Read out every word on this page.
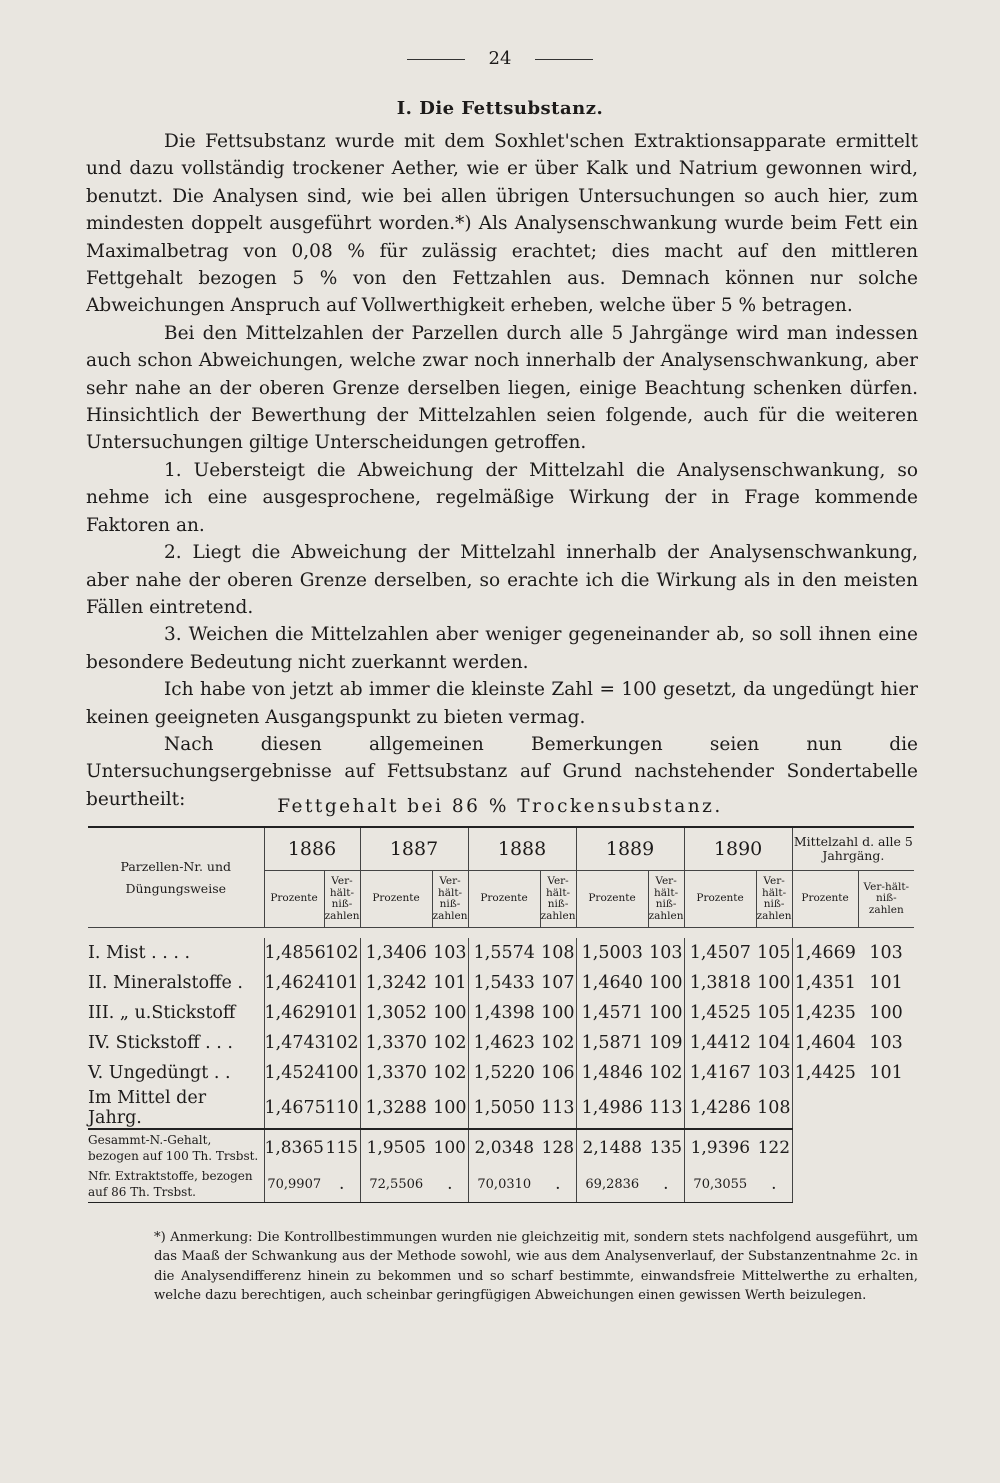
24
I. Die Fettsubstanz.

Die Fettsubstanz wurde mit dem Soxhlet'schen Extraktionsapparate ermittelt und dazu vollständig trockener Aether, wie er über Kalk und Natrium gewonnen wird, benutzt. Die Analysen sind, wie bei allen übrigen Untersuchungen so auch hier, zum mindesten doppelt ausgeführt worden.*) Als Analysenschwankung wurde beim Fett ein Maximalbetrag von 0,08 % für zulässig erachtet; dies macht auf den mittleren Fettgehalt bezogen 5 % von den Fettzahlen aus. Demnach können nur solche Abweichungen Anspruch auf Vollwerthigkeit erheben, welche über 5 % betragen.

Bei den Mittelzahlen der Parzellen durch alle 5 Jahrgänge wird man indessen auch schon Abweichungen, welche zwar noch innerhalb der Analysenschwankung, aber sehr nahe an der oberen Grenze derselben liegen, einige Beachtung schenken dürfen. Hinsichtlich der Bewerthung der Mittelzahlen seien folgende, auch für die weiteren Untersuchungen giltige Unterscheidungen getroffen.

1. Uebersteigt die Abweichung der Mittelzahl die Analysenschwankung, so nehme ich eine ausgesprochene, regelmäßige Wirkung der in Frage kommende Faktoren an.

2. Liegt die Abweichung der Mittelzahl innerhalb der Analysenschwankung, aber nahe der oberen Grenze derselben, so erachte ich die Wirkung als in den meisten Fällen eintretend.

3. Weichen die Mittelzahlen aber weniger gegeneinander ab, so soll ihnen eine besondere Bedeutung nicht zuerkannt werden.

Ich habe von jetzt ab immer die kleinste Zahl = 100 gesetzt, da ungedüngt hier keinen geeigneten Ausgangspunkt zu bieten vermag.

Nach diesen allgemeinen Bemerkungen seien nun die Untersuchungsergebnisse auf Fettsubstanz auf Grund nachstehender Sondertabelle beurtheilt:	Fettgehalt bei 86 % Trockensubstanz.
Parzellen-Nr. und Düngungsweise	1886		1887		1888		1889		1890		Mittelzahl d. alle 5 Jahrgäng.	
	Prozente	Ver-hält-niß-zahlen	Prozente	Ver-hält-niß-zahlen	Prozente	Ver-hält-niß-zahlen	Prozente	Ver-hält-niß-zahlen	Prozente	Ver-hält-niß-zahlen	Prozente	Ver-hält-niß-zahlen

I. Mist . . . .	1,4856	102	1,3406	103	1,5574	108	1,5003	103	1,4507	105	1,4669	103
II. Mineralstoffe .	1,4624	101	1,3242	101	1,5433	107	1,4640	100	1,3818	100	1,4351	101
III. „ u.Stickstoff	1,4629	101	1,3052	100	1,4398	100	1,4571	100	1,4525	105	1,4235	100
IV. Stickstoff . . .	1,4743	102	1,3370	102	1,4623	102	1,5871	109	1,4412	104	1,4604	103
V. Ungedüngt . .	1,4524	100	1,3370	102	1,5220	106	1,4846	102	1,4167	103	1,4425	101
Im Mittel der Jahrg.	1,4675	110	1,3288	100	1,5050	113	1,4986	113	1,4286	108		
Gesammt-N.-Gehalt, bezogen auf 100 Th. Trsbst.	1,8365	115	1,9505	100	2,0348	128	2,1488	135	1,9396	122		
Nfr. Extraktstoffe, bezogen auf 86 Th. Trsbst.	70,9907	.	72,5506	.	70,0310	.	69,2836	.	70,3055	.		
*) Anmerkung: Die Kontrollbestimmungen wurden nie gleichzeitig mit, sondern stets nachfolgend ausgeführt, um das Maaß der Schwankung aus der Methode sowohl, wie aus dem Analysenverlauf, der Substanzentnahme 2c. in die Analysendifferenz hinein zu bekommen und so scharf bestimmte, einwandsfreie Mittelwerthe zu erhalten, welche dazu berechtigen, auch scheinbar geringfügigen Abweichungen einen gewissen Werth beizulegen.
